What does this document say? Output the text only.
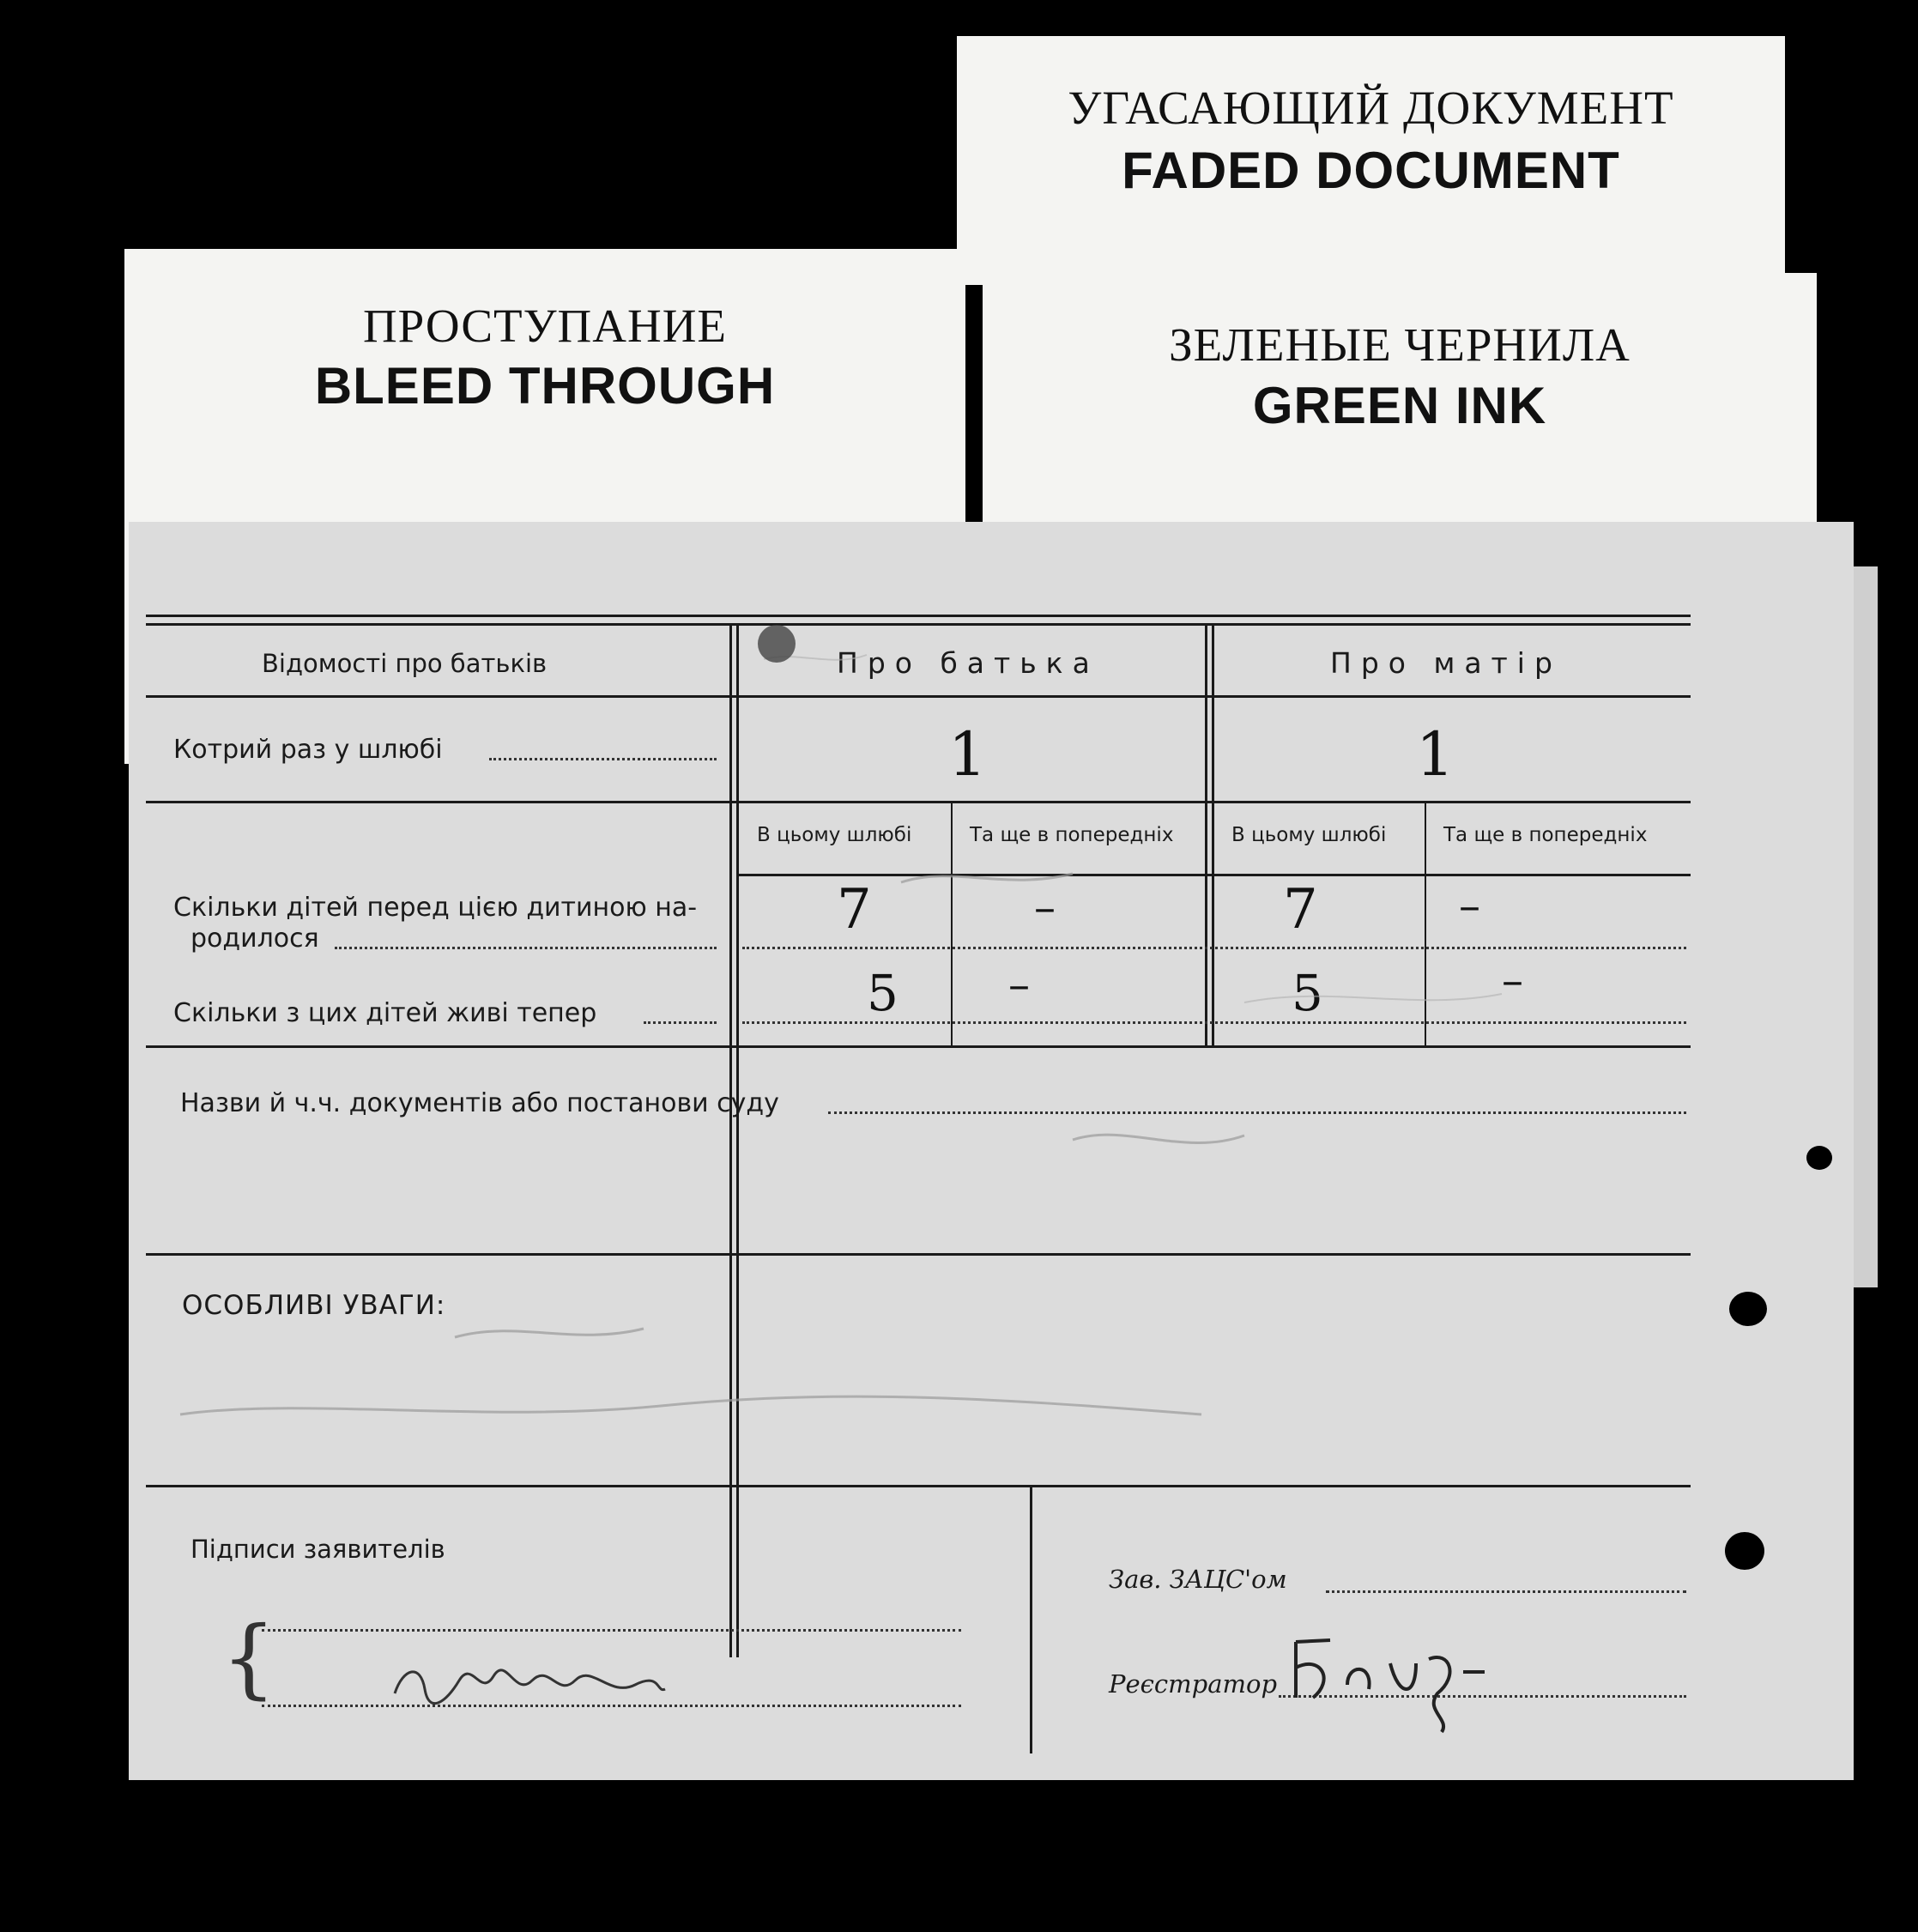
УГАСАЮЩИЙ ДОКУМЕНТ
FADED DOCUMENT
ПРОСТУПАНИЕ
BLEED THROUGH
ЗЕЛЕНЫЕ ЧЕРНИЛА
GREEN INK
Відомості про батьків	Про батька	Про матір
Котрий раз у шлюбі	1	1
В цьому шлюбі	Та ще в попередніх	В цьому шлюбі	Та ще в попередніх
Скільки дітей перед цією дитиною на-
родилося	7	–	7	–
Скільки з цих дітей живі тепер	5	–	5	–
Назви й ч.ч. документів або постанови суду
ОСОБЛИВІ УВАГИ:
Підписи заявителів
{
Зав. ЗАЦС'ом
Реєстратор
